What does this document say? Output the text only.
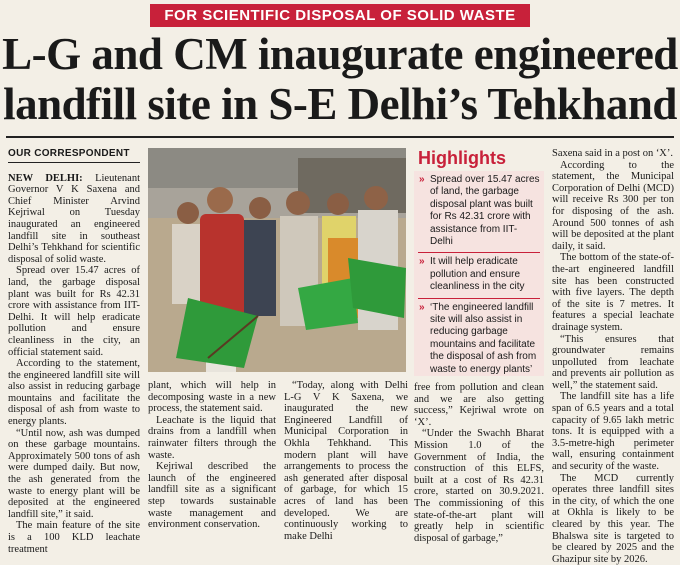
FOR SCIENTIFIC DISPOSAL OF SOLID WASTE
L-G and CM inaugurate engineered
landfill site in S-E Delhi’s Tehkhand
OUR CORRESPONDENT

NEW DELHI: Lieutenant Governor V K Saxena and Chief Minister Arvind Kejriwal on Tuesday inaugurated an engineered landfill site in southeast Delhi’s Tehkhand for scientific disposal of solid waste.

Spread over 15.47 acres of land, the garbage disposal plant was built for Rs 42.31 crore with assistance from IIT-Delhi. It will help eradicate pollution and ensure cleanliness in the city, an official statement said.

According to the statement, the engineered landfill site will also assist in reducing garbage mountains and facilitate the disposal of ash from waste to energy plants.

“Until now, ash was dumped on these garbage mountains. Approximately 500 tons of ash were dumped daily. But now, the ash generated from the waste to energy plant will be deposited at the engineered landfill site,” it said.

The main feature of the site is a 100 KLD leachate treatment

Highlights
» Spread over 15.47 acres of land, the garbage disposal plant was built for Rs 42.31 crore with assistance from IIT-Delhi
» It will help eradicate pollution and ensure cleanliness in the city
» ‘The engineered landfill site will also assist in reducing garbage mountains and facilitate the disposal of ash from waste to energy plants’

plant, which will help in decomposing waste in a new process, the statement said.

Leachate is the liquid that drains from a landfill when rainwater filters through the waste.

Kejriwal described the launch of the engineered landfill site as a significant step towards sustainable waste management and environment conservation.

“Today, along with Delhi L-G V K Saxena, we inaugurated the new Engineered Landfill of Municipal Corporation in Okhla Tehkhand. This modern plant will have arrangements to process the ash generated after disposal of garbage, for which 15 acres of land has been developed. We are continuously working to make Delhi

free from pollution and clean and we are also getting success,” Kejriwal wrote on ‘X’.

“Under the Swachh Bharat Mission 1.0 of the Government of India, the construction of this ELFS, built at a cost of Rs 42.31 crore, started on 30.9.2021. The commissioning of this state-of-the-art plant will greatly help in scientific disposal of garbage,”

Saxena said in a post on ‘X’.

According to the statement, the Municipal Corporation of Delhi (MCD) will receive Rs 300 per ton for disposing of the ash. Around 500 tonnes of ash will be deposited at the plant daily, it said.

The bottom of the state-of-the-art engineered landfill site has been constructed with five layers. The depth of the site is 7 metres. It features a special leachate drainage system.

“This ensures that groundwater remains unpolluted from leachate and prevents air pollution as well,” the statement said.

The landfill site has a life span of 6.5 years and a total capacity of 9.65 lakh metric tons. It is equipped with a 3.5-metre-high perimeter wall, ensuring containment and security of the waste.

The MCD currently operates three landfill sites in the city, of which the one at Okhla is likely to be cleared by this year. The Bhalswa site is targeted to be cleared by 2025 and the Ghazipur site by 2026.
